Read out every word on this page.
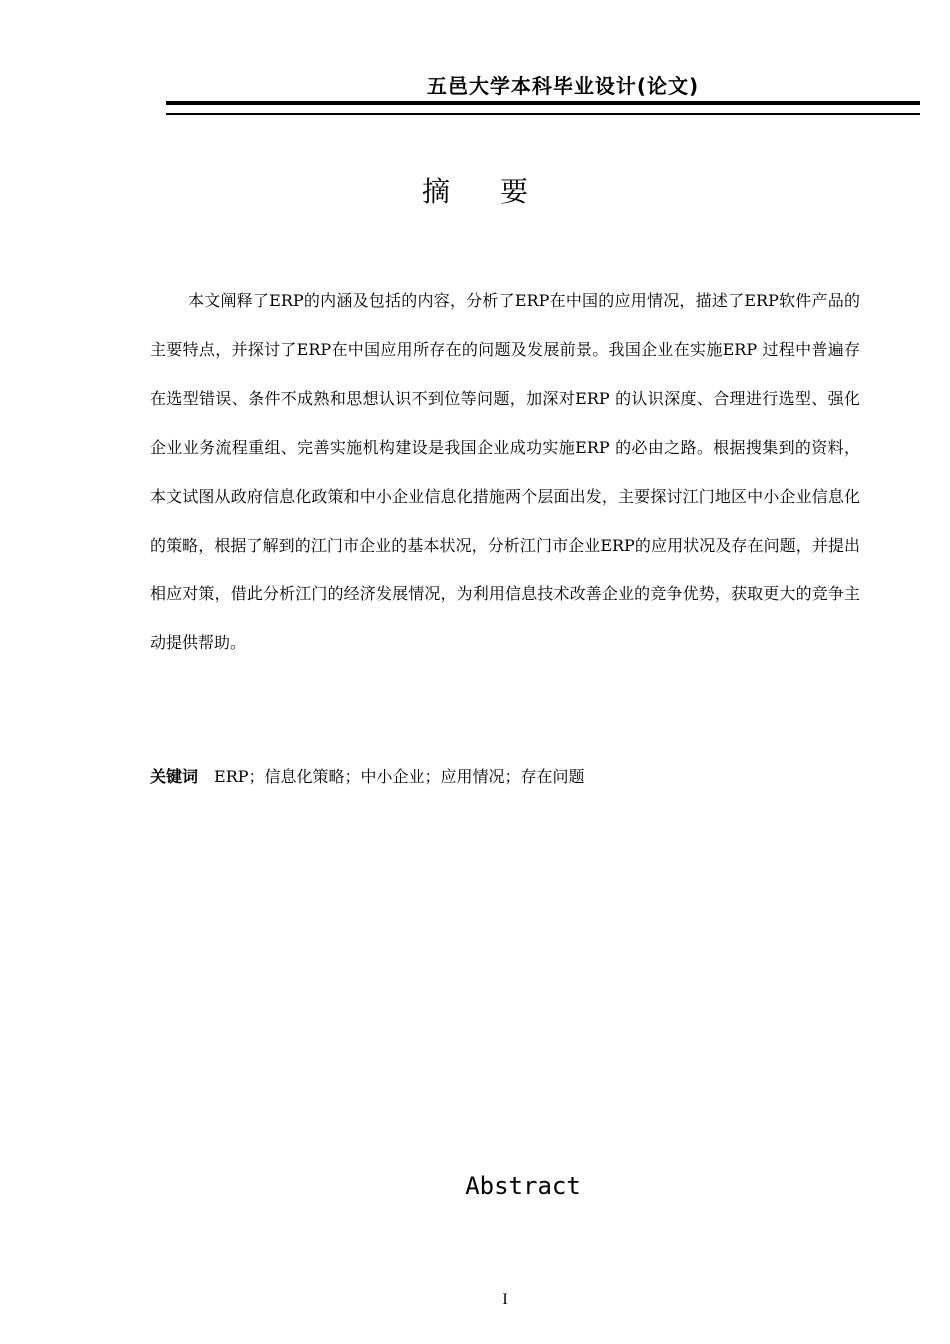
五邑大学本科毕业设计(论文)
摘要

本文阐释了ERP的内涵及包括的内容，分析了ERP在中国的应用情况，描述了ERP软件产品的主要特点，并探讨了ERP在中国应用所存在的问题及发展前景。我国企业在实施ERP 过程中普遍存在选型错误、条件不成熟和思想认识不到位等问题，加深对ERP 的认识深度、合理进行选型、强化企业业务流程重组、完善实施机构建设是我国企业成功实施ERP 的必由之路。根据搜集到的资料，本文试图从政府信息化政策和中小企业信息化措施两个层面出发，主要探讨江门地区中小企业信息化的策略，根据了解到的江门市企业的基本状况，分析江门市企业ERP的应用状况及存在问题，并提出相应对策，借此分析江门的经济发展情况，为利用信息技术改善企业的竞争优势，获取更大的竞争主动提供帮助。

关键词 ERP；信息化策略；中小企业；应用情况；存在问题
Abstract
I
